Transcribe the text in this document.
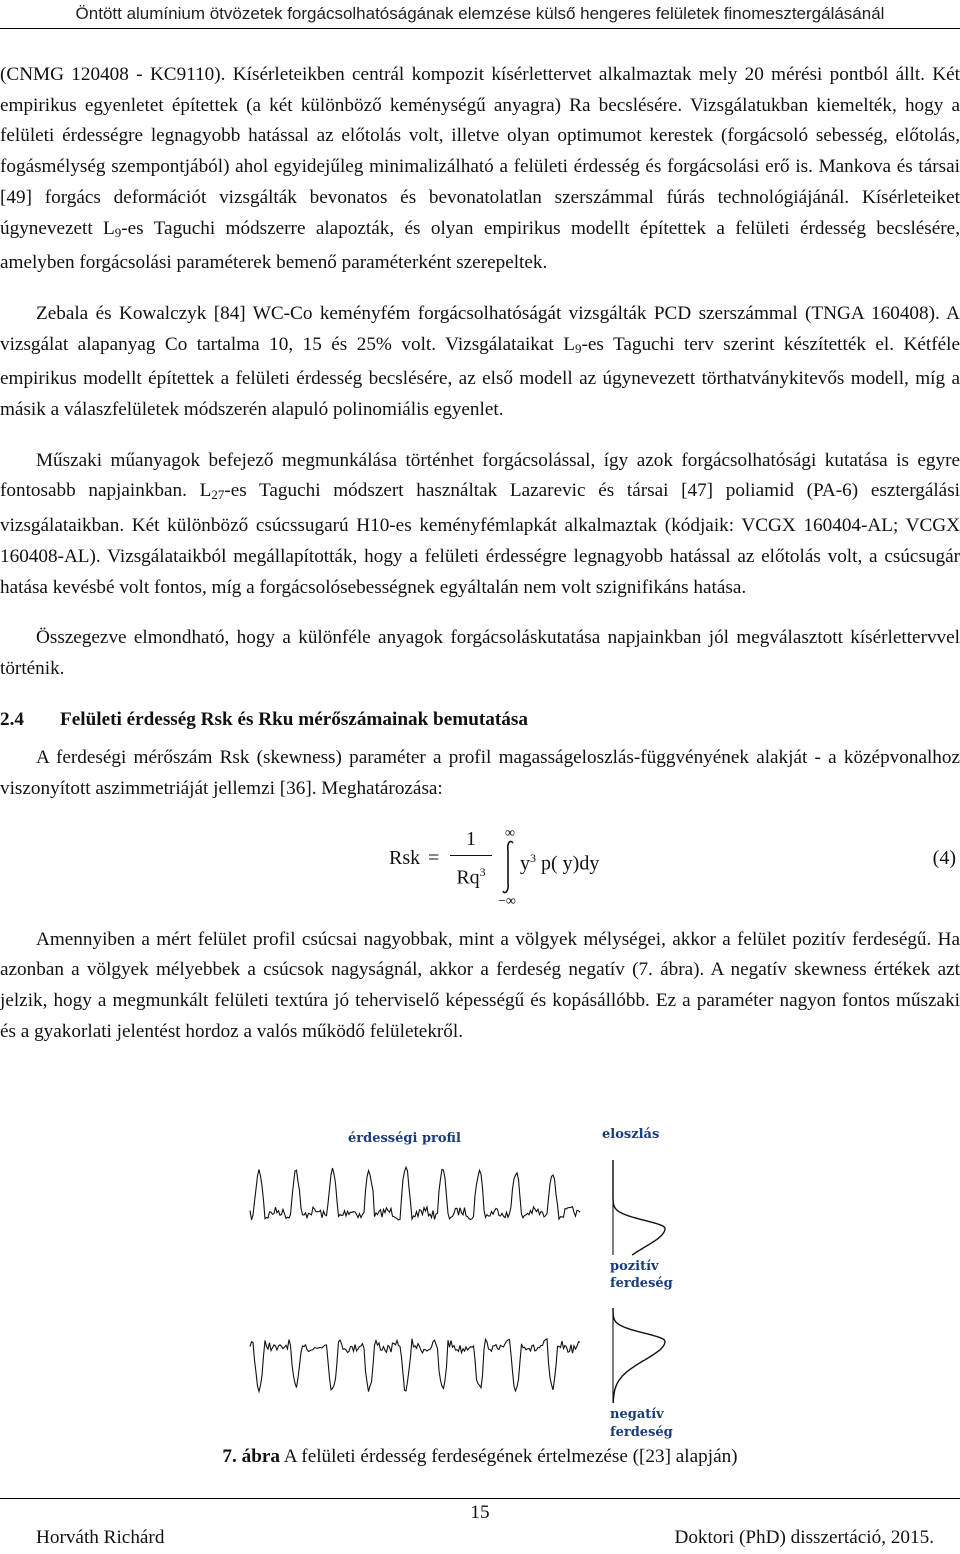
Öntött alumínium ötvözetek forgácsolhatóságának elemzése külső hengeres felületek finomesztergálásánál

(CNMG 120408 - KC9110). Kísérleteikben centrál kompozit kísérlettervet alkalmaztak mely 20 mérési pontból állt. Két empirikus egyenletet építettek (a két különböző keménységű anyagra) Ra becslésére. Vizsgálatukban kiemelték, hogy a felületi érdességre legnagyobb hatással az előtolás volt, illetve olyan optimumot kerestek (forgácsoló sebesség, előtolás, fogásmélység szempontjából) ahol egyidejűleg minimalizálható a felületi érdesség és forgácsolási erő is. Mankova és társai [49] forgács deformációt vizsgálták bevonatos és bevonatolatlan szerszámmal fúrás technológiájánál. Kísérleteiket úgynevezett $L_9-es$ Taguchi módszerre alapozták, és olyan empirikus modellt építettek a felületi érdesség becslésére, amelyben forgácsolási paraméterek bemenő paraméterként szerepeltek.

Zebala és Kowalczyk [84] WC-Co keményfém forgácsolhatóságát vizsgálták PCD szerszámmal (TNGA 160408). A vizsgálat alapanyag Co tartalma 10, 15 és 25% volt. Vizsgálataikat $L_9-es$ Taguchi terv szerint készítették el. Kétféle empirikus modellt építettek a felületi érdesség becslésére, az első modell az úgynevezett törthatványkitevős modell, míg a másik a válaszfelületek módszerén alapuló polinomiális egyenlet.

Műszaki műanyagok befejező megmunkálása történhet forgácsolással, így azok forgácsolhatósági kutatása is egyre fontosabb napjainkban. $L_{27}-es$ Taguchi módszert használtak Lazarevic és társai [47] poliamid (PA-6) esztergálási vizsgálataikban. Két különböző csúcssugarú H10-es keményfémlapkát alkalmaztak (kódjaik: VCGX 160404-AL; VCGX 160408-AL). Vizsgálataikból megállapították, hogy a felületi érdességre legnagyobb hatással az előtolás volt, a csúcsugár hatása kevésbé volt fontos, míg a forgácsolósebességnek egyáltalán nem volt szignifikáns hatása.

Összegezve elmondható, hogy a különféle anyagok forgácsoláskutatása napjainkban jól megválasztott kísérlettervvel történik.

2.4 Felületi érdesség Rsk és Rku mérőszámainak bemutatása

A ferdeségi mérőszám Rsk (skewness) paraméter a profil magasságeloszlás-függvényének alakját - a középvonalhoz viszonyított aszimmetriáját jellemzi [36]. Meghatározása:

Rsk =
1
Rq$^3$
∞
−∞
$y^3$ p( y)dy	(4)

Amennyiben a mért felület profil csúcsai nagyobbak, mint a völgyek mélységei, akkor a felület pozitív ferdeségű. Ha azonban a völgyek mélyebbek a csúcsok nagyságnál, akkor a ferdeség negatív (7. ábra). A negatív skewness értékek azt jelzik, hogy a megmunkált felületi textúra jó teherviselő képességű és kopásállóbb. Ez a paraméter nagyon fontos műszaki és a gyakorlati jelentést hordoz a valós működő felületekről.

érdességi profil	eloszlás
pozitív
ferdeség
negatív
ferdeség
7. ábra A felületi érdesség ferdeségének értelmezése ([23] alapján)
15
Horváth Richárd	Doktori (PhD) disszertáció, 2015.
